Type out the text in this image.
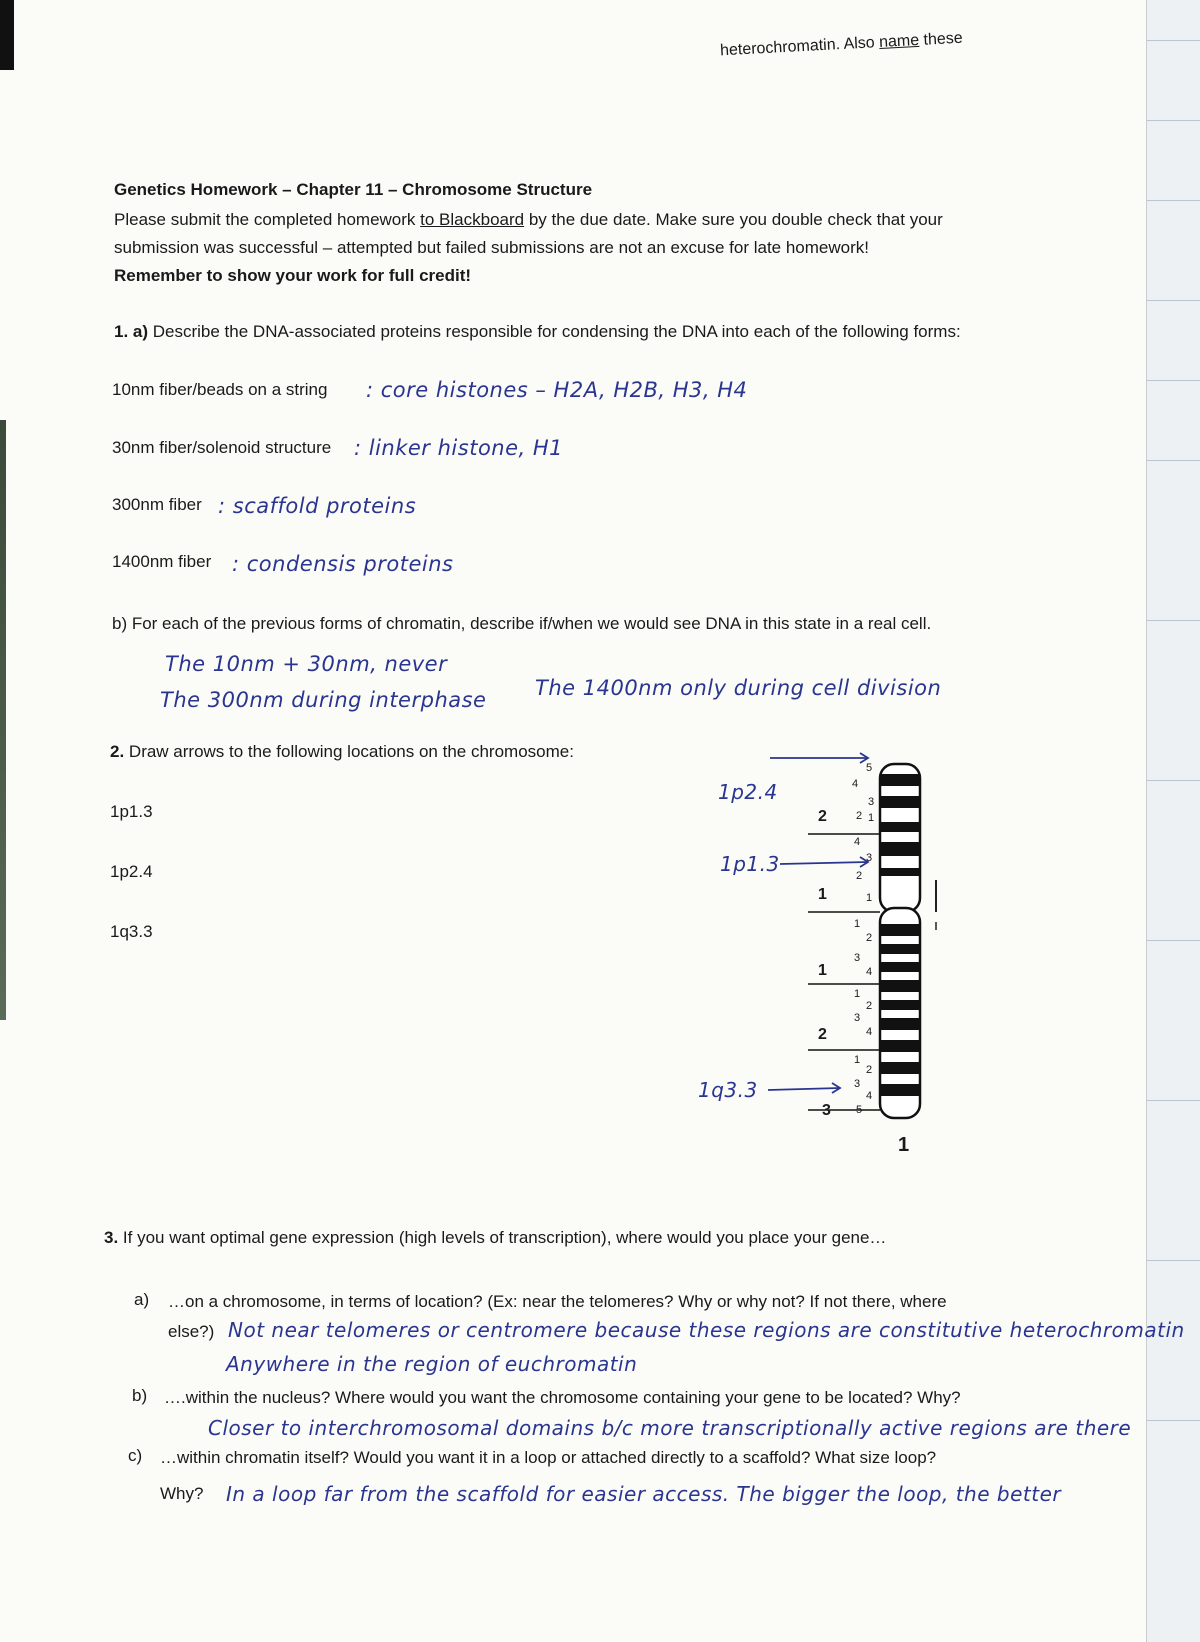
heterochromatin. Also name these
Genetics Homework – Chapter 11 – Chromosome Structure
Please submit the completed homework to Blackboard by the due date. Make sure you double check that your
submission was successful – attempted but failed submissions are not an excuse for late homework!
Remember to show your work for full credit!
1. a) Describe the DNA-associated proteins responsible for condensing the DNA into each of the following forms:
10nm fiber/beads on a string : core histones – H2A, H2B, H3, H4
30nm fiber/solenoid structure : linker histone, H1
300nm fiber : scaffold proteins
1400nm fiber : condensis proteins
b) For each of the previous forms of chromatin, describe if/when we would see DNA in this state in a real cell.
The 10nm + 30nm, never
The 300nm during interphase The 1400nm only during cell division
2. Draw arrows to the following locations on the chromosome:
1p1.3
1p2.4
1q3.3
1p2.4
1p1.3
1q3.3
2
1
1
2
3
5
4
3
2 1
4
3
2
1
1
2
3
4
1
2
3
4
1
2
3
4
5
1
3. If you want optimal gene expression (high levels of transcription), where would you place your gene…
a) …on a chromosome, in terms of location? (Ex: near the telomeres? Why or why not? If not there, where
else?) Not near telomeres or centromere because these regions are constitutive heterochromatin
Anywhere in the region of euchromatin
b) ….within the nucleus? Where would you want the chromosome containing your gene to be located? Why?
Closer to interchromosomal domains b/c more transcriptionally active regions are there
c) …within chromatin itself? Would you want it in a loop or attached directly to a scaffold? What size loop?
Why? In a loop far from the scaffold for easier access. The bigger the loop, the better
